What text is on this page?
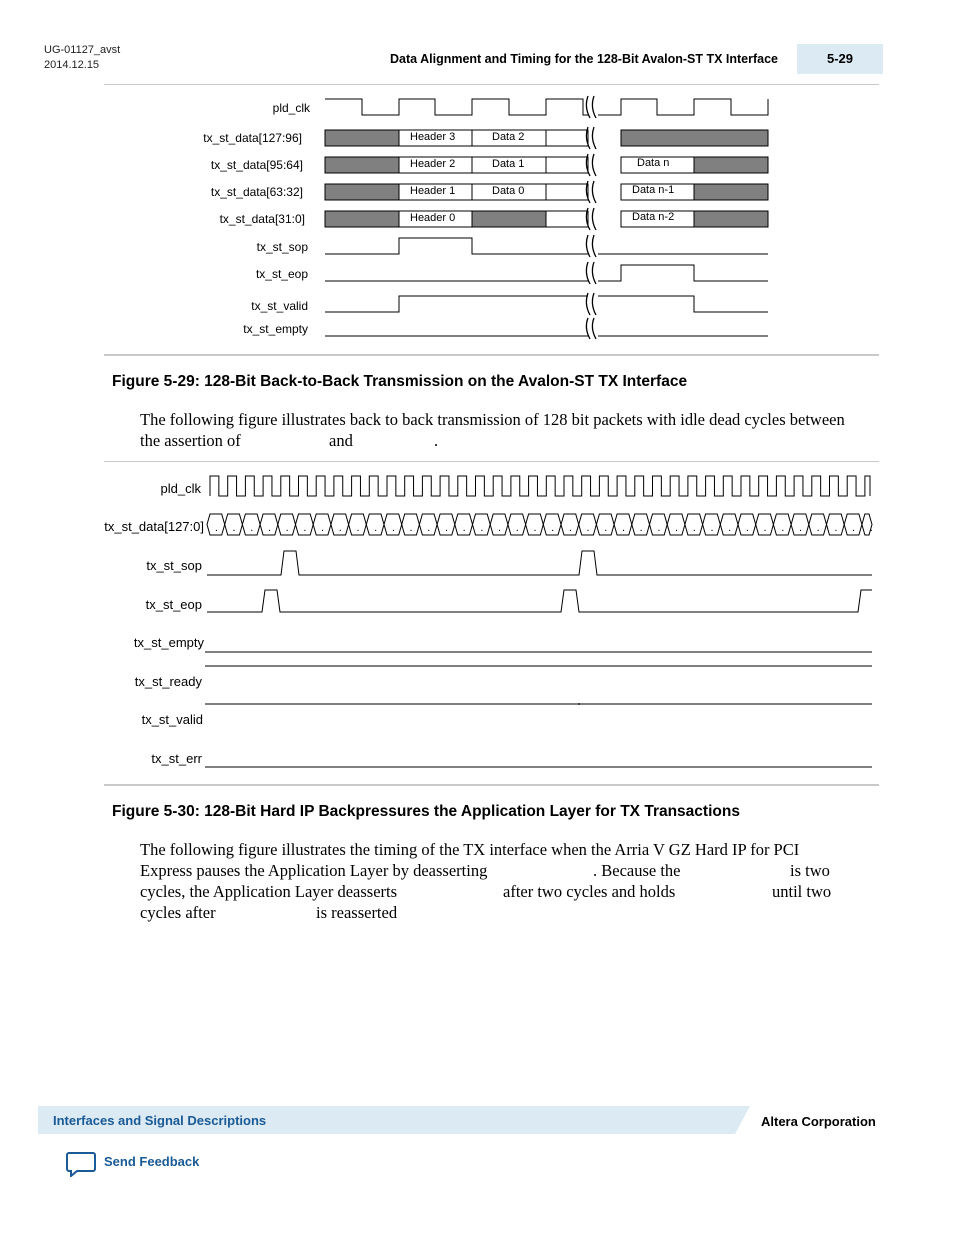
UG-01127_avst
2014.12.15	Data Alignment and Timing for the 128-Bit Avalon-ST TX Interface	5-29
pld_clk
tx_st_data[127:96]
tx_st_data[95:64]
tx_st_data[63:32]
tx_st_data[31:0]
tx_st_sop
tx_st_eop
tx_st_valid
tx_st_empty
Header 3	Data 2
Header 2	Data 1	Data n
Header 1	Data 0	Data n-1
Header 0	Data n-2
Figure 5-29: 128-Bit Back-to-Back Transmission on the Avalon-ST TX Interface
The following figure illustrates back to back transmission of 128 bit packets with idle dead cycles between
the assertion of	and	.
pld_clk
tx_st_data[127:0]
tx_st_sop
tx_st_eop
tx_st_empty
tx_st_ready
tx_st_valid
tx_st_err
. . . . . . . . . . . . . . . . . . . . . . . . . . . . . . . . . . . . . .
Figure 5-30: 128-Bit Hard IP Backpressures the Application Layer for TX Transactions
The following figure illustrates the timing of the TX interface when the Arria V GZ Hard IP for PCI
Express pauses the Application Layer by deasserting	. Because the	is two
cycles, the Application Layer deasserts	after two cycles and holds	until two
cycles after	is reasserted
Interfaces and Signal Descriptions	Altera Corporation
Send Feedback
